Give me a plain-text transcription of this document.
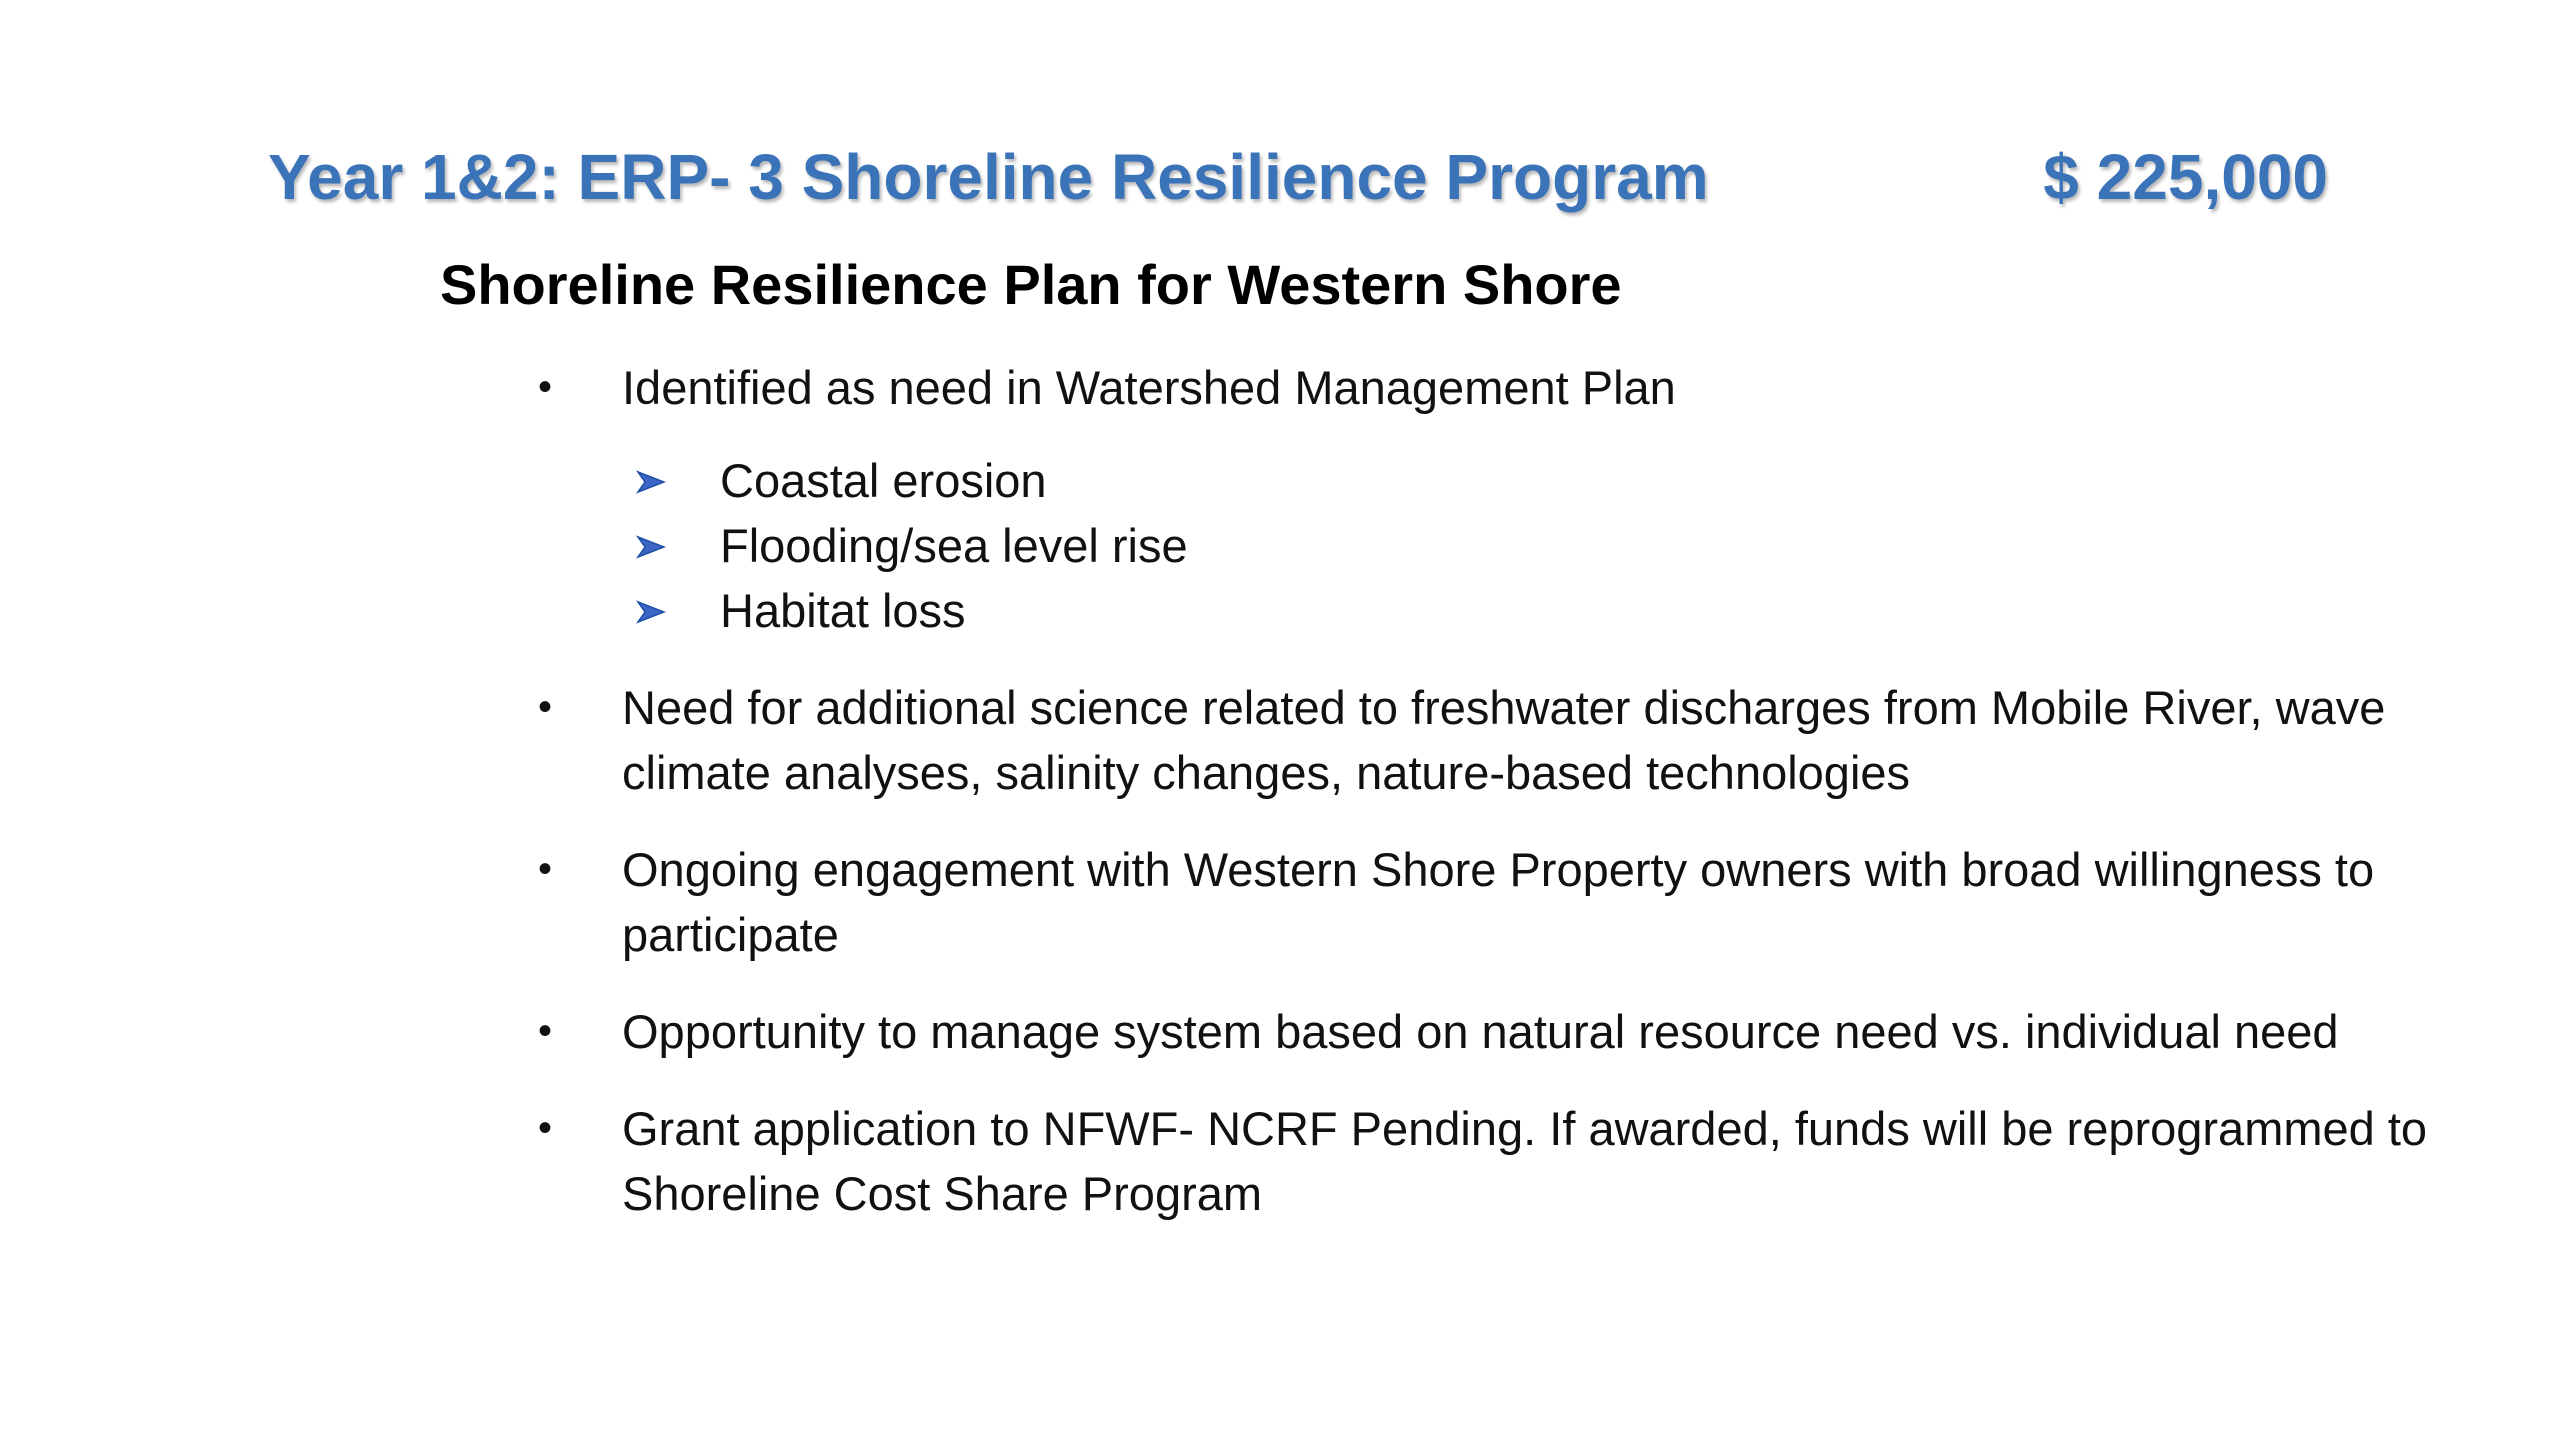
Year 1&2: ERP- 3 Shoreline Resilience Program	$ 225,000
Shoreline Resilience Plan for Western Shore
• Identified as need in Watershed Management Plan
Coastal erosion
Flooding/sea level rise
Habitat loss
• Need for additional science related to freshwater discharges from Mobile River, wave climate analyses, salinity changes, nature-based technologies
• Ongoing engagement with Western Shore Property owners with broad willingness to participate
• Opportunity to manage system based on natural resource need vs. individual need
• Grant application to NFWF- NCRF Pending. If awarded, funds will be reprogrammed to Shoreline Cost Share Program
